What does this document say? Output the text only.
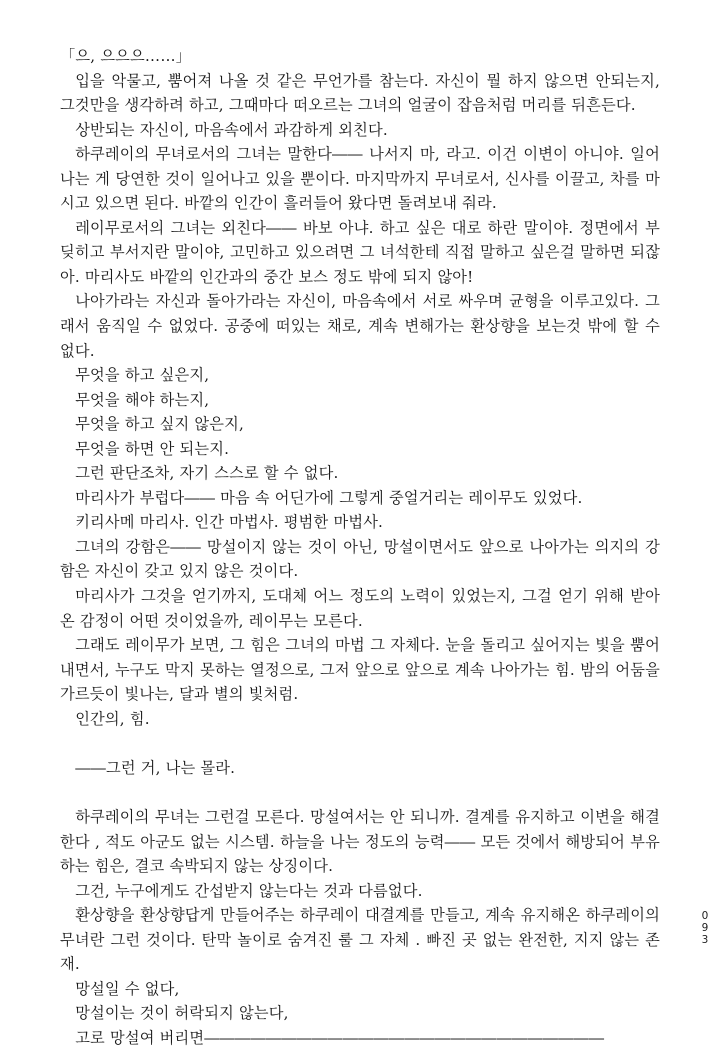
「으, 으으으……」

입을 악물고, 뿜어져 나올 것 같은 무언가를 참는다. 자신이 뭘 하지 않으면 안되는지, 그것만을 생각하려 하고, 그때마다 떠오르는 그녀의 얼굴이 잡음처럼 머리를 뒤흔든다.

상반되는 자신이, 마음속에서 과감하게 외친다.

하쿠레이의 무녀로서의 그녀는 말한다―― 나서지 마, 라고. 이건 이변이 아니야. 일어나는 게 당연한 것이 일어나고 있을 뿐이다. 마지막까지 무녀로서, 신사를 이끌고, 차를 마시고 있으면 된다. 바깥의 인간이 흘러들어 왔다면 돌려보내 줘라.

레이무로서의 그녀는 외친다―― 바보 아냐. 하고 싶은 대로 하란 말이야. 정면에서 부딪히고 부서지란 말이야, 고민하고 있으려면 그 녀석한테 직접 말하고 싶은걸 말하면 되잖아. 마리사도 바깥의 인간과의 중간 보스 정도 밖에 되지 않아!

나아가라는 자신과 돌아가라는 자신이, 마음속에서 서로 싸우며 균형을 이루고있다. 그래서 움직일 수 없었다. 공중에 떠있는 채로, 계속 변해가는 환상향을 보는것 밖에 할 수 없다.

무엇을 하고 싶은지,

무엇을 해야 하는지,

무엇을 하고 싶지 않은지,

무엇을 하면 안 되는지.

그런 판단조차, 자기 스스로 할 수 없다.

마리사가 부럽다―― 마음 속 어딘가에 그렇게 중얼거리는 레이무도 있었다.

키리사메 마리사. 인간 마법사. 평범한 마법사.

그녀의 강함은―― 망설이지 않는 것이 아닌, 망설이면서도 앞으로 나아가는 의지의 강함은 자신이 갖고 있지 않은 것이다.

마리사가 그것을 얻기까지, 도대체 어느 정도의 노력이 있었는지, 그걸 얻기 위해 받아온 감정이 어떤 것이었을까, 레이무는 모른다.

그래도 레이무가 보면, 그 힘은 그녀의 마법 그 자체다. 눈을 돌리고 싶어지는 빛을 뿜어내면서, 누구도 막지 못하는 열정으로, 그저 앞으로 앞으로 계속 나아가는 힘. 밤의 어둠을 가르듯이 빛나는, 달과 별의 빛처럼.

인간의, 힘.

――그런 거, 나는 몰라.

하쿠레이의 무녀는 그런걸 모른다. 망설여서는 안 되니까. 결계를 유지하고 이변을 해결한다 , 적도 아군도 없는 시스템. 하늘을 나는 정도의 능력―― 모든 것에서 해방되어 부유하는 힘은, 결코 속박되지 않는 상징이다.

그건, 누구에게도 간섭받지 않는다는 것과 다름없다.

환상향을 환상향답게 만들어주는 하쿠레이 대결계를 만들고, 계속 유지해온 하쿠레이의 무녀란 그런 것이다. 탄막 놀이로 숨겨진 룰 그 자체 . 빠진 곳 없는 완전한, 지지 않는 존재.

망설일 수 없다,

망설이는 것이 허락되지 않는다,

고로 망설여 버리면――――――――――――――――――――――――――

0
9
3
